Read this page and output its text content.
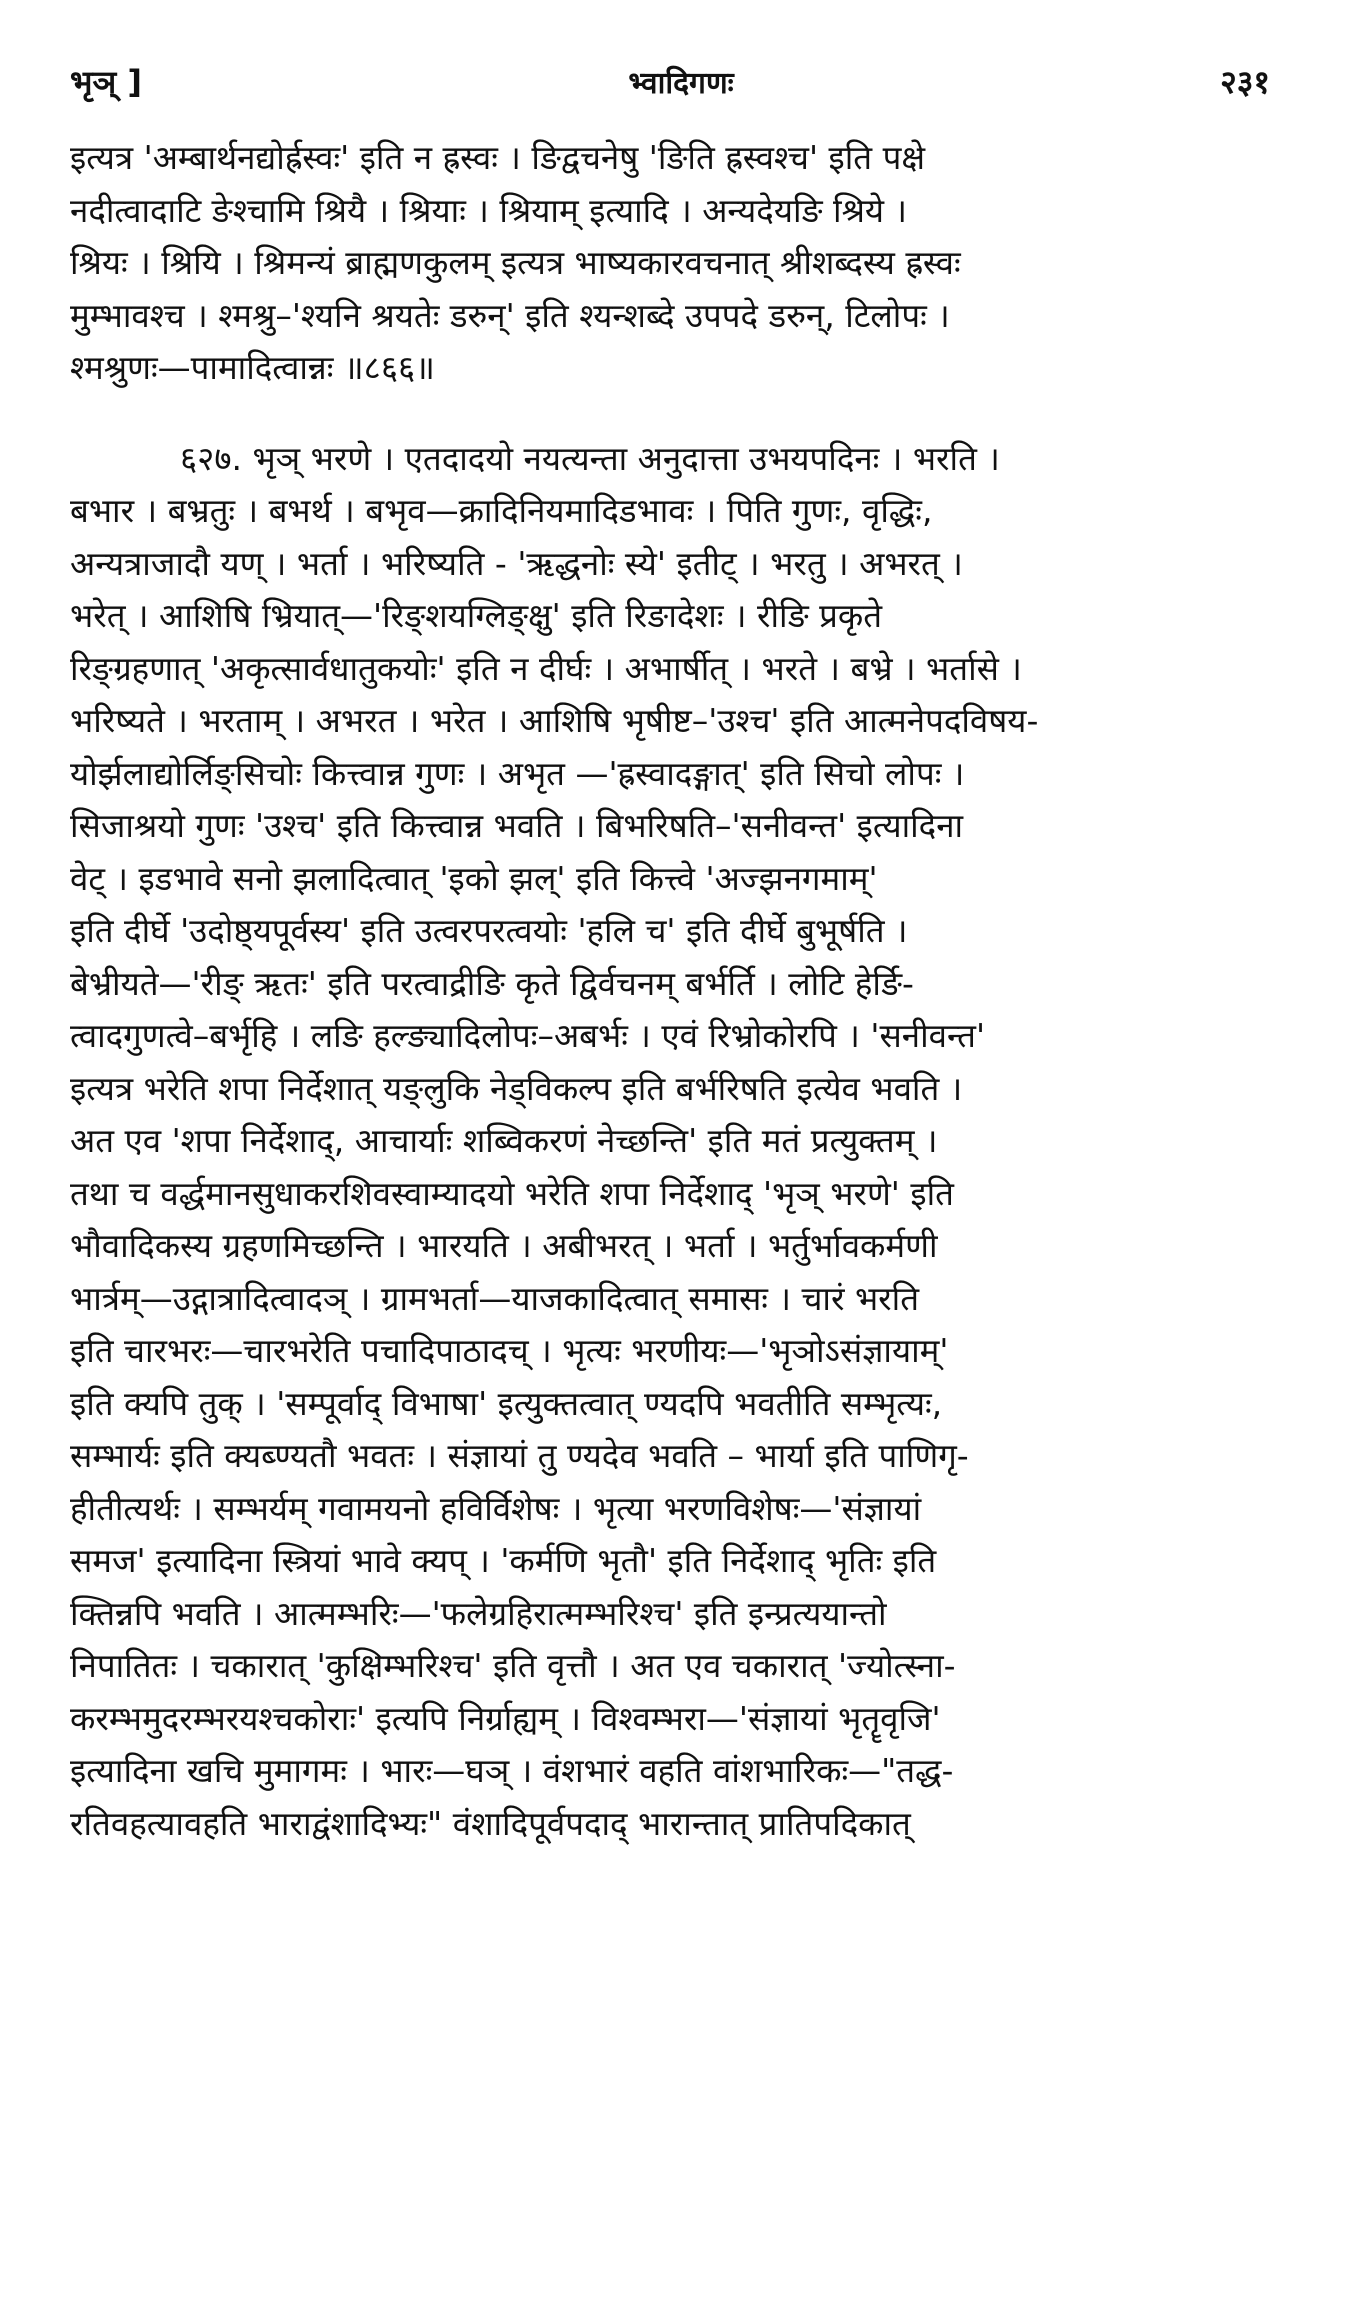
भृञ् ]	भ्वादिगणः	२३१
इत्यत्र 'अम्बार्थनद्योर्ह्रस्वः' इति न ह्रस्वः । ङिद्वचनेषु 'ङिति ह्रस्वश्च' इति पक्षे
नदीत्वादाटि ङेश्चामि श्रियै । श्रियाः । श्रियाम् इत्यादि । अन्यदेयङि श्रिये ।
श्रियः । श्रियि । श्रिमन्यं ब्राह्मणकुलम् इत्यत्र भाष्यकारवचनात् श्रीशब्दस्य ह्रस्वः
मुम्भावश्च । श्मश्रु–'श्यनि श्रयतेः डरुन्' इति श्यन्शब्दे उपपदे डरुन्, टिलोपः ।
श्मश्रुणः—पामादित्वान्नः ॥८६६॥
६२७. भृञ् भरणे । एतदादयो नयत्यन्ता अनुदात्ता उभयपदिनः । भरति ।
बभार । बभ्रतुः । बभर्थ । बभृव—क्रादिनियमादिडभावः । पिति गुणः, वृद्धिः,
अन्यत्राजादौ यण् । भर्ता । भरिष्यति - 'ऋद्धनोः स्ये' इतीट् । भरतु । अभरत् ।
भरेत् । आशिषि भ्रियात्—'रिङ्शयग्लिङ्क्षु' इति रिङादेशः । रीङि प्रकृते
रिङ्ग्रहणात् 'अकृत्सार्वधातुकयोः' इति न दीर्घः । अभार्षीत् । भरते । बभ्रे । भर्तासे ।
भरिष्यते । भरताम् । अभरत । भरेत । आशिषि भृषीष्ट–'उश्च' इति आत्मनेपदविषय-
योर्झलाद्योर्लिङ्सिचोः कित्त्वान्न गुणः । अभृत —'ह्रस्वादङ्गात्' इति सिचो लोपः ।
सिजाश्रयो गुणः 'उश्च' इति कित्त्वान्न भवति । बिभरिषति–'सनीवन्त' इत्यादिना
वेट् । इडभावे सनो झलादित्वात् 'इको झल्' इति कित्त्वे 'अज्झनगमाम्'
इति दीर्घे 'उदोष्ठ्यपूर्वस्य' इति उत्वरपरत्वयोः 'हलि च' इति दीर्घे बुभूर्षति ।
बेभ्रीयते—'रीङ् ऋतः' इति परत्वाद्रीङि कृते द्विर्वचनम् बर्भर्ति । लोटि हेर्ङि-
त्वादगुणत्वे–बर्भृहि । लङि हल्ङ्यादिलोपः–अबर्भः । एवं रिभ्रोकोरपि । 'सनीवन्त'
इत्यत्र भरेति शपा निर्देशात् यङ्लुकि नेड्विकल्प इति बर्भरिषति इत्येव भवति ।
अत एव 'शपा निर्देशाद्, आचार्याः शब्विकरणं नेच्छन्ति' इति मतं प्रत्युक्तम् ।
तथा च वर्द्धमानसुधाकरशिवस्वाम्यादयो भरेति शपा निर्देशाद् 'भृञ् भरणे' इति
भौवादिकस्य ग्रहणमिच्छन्ति । भारयति । अबीभरत् । भर्ता । भर्तुर्भावकर्मणी
भार्त्रम्—उद्गात्रादित्वादञ् । ग्रामभर्ता—याजकादित्वात् समासः । चारं भरति
इति चारभरः—चारभरेति पचादिपाठादच् । भृत्यः भरणीयः—'भृञोऽसंज्ञायाम्'
इति क्यपि तुक् । 'सम्पूर्वाद् विभाषा' इत्युक्तत्वात् ण्यदपि भवतीति सम्भृत्यः,
सम्भार्यः इति क्यब्ण्यतौ भवतः । संज्ञायां तु ण्यदेव भवति – भार्या इति पाणिगृ-
हीतीत्यर्थः । सम्भर्यम् गवामयनो हविर्विशेषः । भृत्या भरणविशेषः—'संज्ञायां
समज' इत्यादिना स्त्रियां भावे क्यप् । 'कर्मणि भृतौ' इति निर्देशाद् भृतिः इति
क्तिन्नपि भवति । आत्मम्भरिः—'फलेग्रहिरात्मम्भरिश्च' इति इन्प्रत्ययान्तो
निपातितः । चकारात् 'कुक्षिम्भरिश्च' इति वृत्तौ । अत एव चकारात् 'ज्योत्स्ना-
करम्भमुदरम्भरयश्चकोराः' इत्यपि निर्ग्राह्यम् । विश्वम्भरा—'संज्ञायां भृतॄवृजि'
इत्यादिना खचि मुमागमः । भारः—घञ् । वंशभारं वहति वांशभारिकः—"तद्ध-
रतिवहत्यावहति भाराद्वंशादिभ्यः" वंशादिपूर्वपदाद् भारान्तात् प्रातिपदिकात्
